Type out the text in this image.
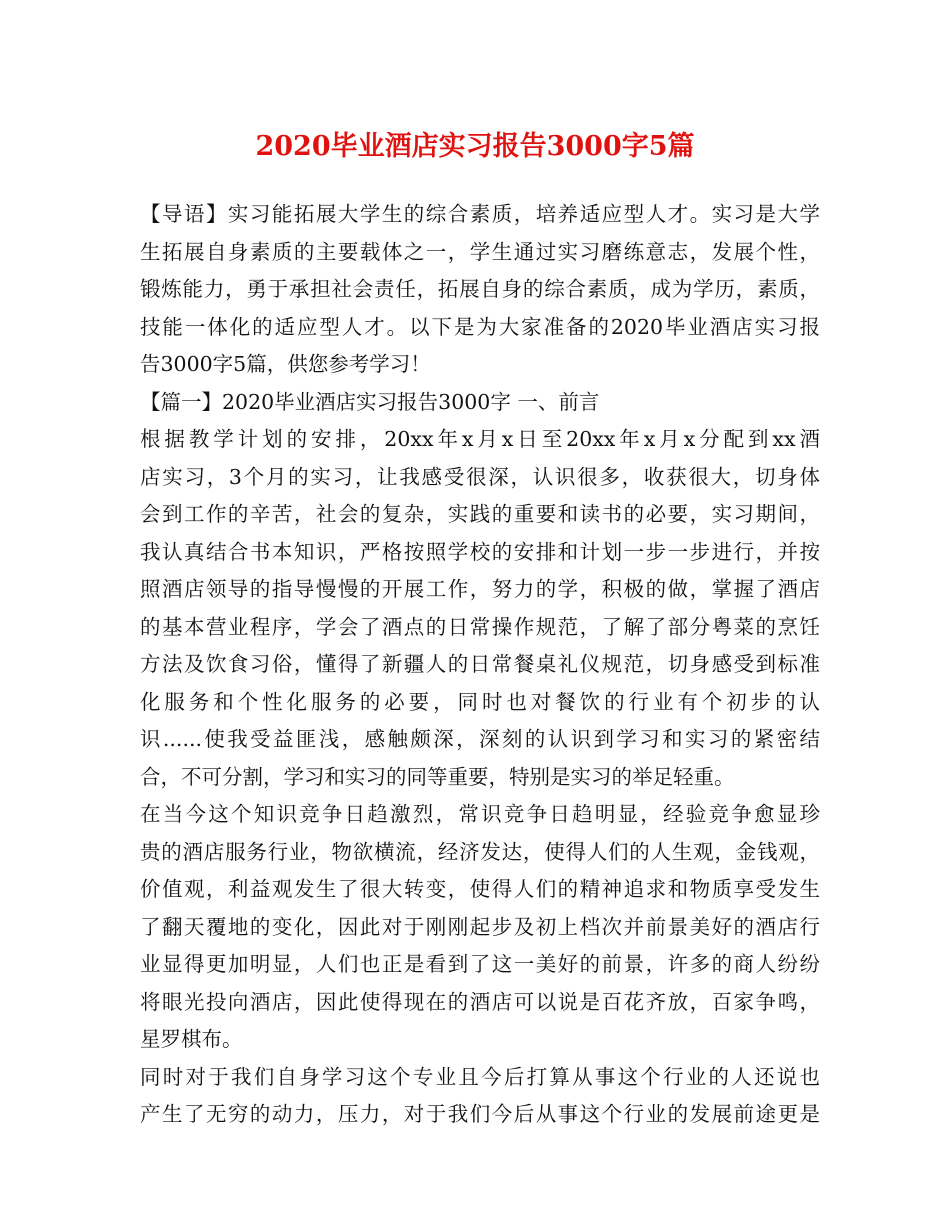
2020毕业酒店实习报告3000字5篇
【导语】实习能拓展大学生的综合素质，培养适应型人才。实习是大学
生拓展自身素质的主要载体之一，学生通过实习磨练意志，发展个性，
锻炼能力，勇于承担社会责任，拓展自身的综合素质，成为学历，素质，
技能一体化的适应型人才。以下是为大家准备的2020毕业酒店实习报
告3000字5篇，供您参考学习！
【篇一】2020毕业酒店实习报告3000字 一、前言
根据教学计划的安排，20xx年x月x日至20xx年x月x分配到xx酒
店实习，3个月的实习，让我感受很深，认识很多，收获很大，切身体
会到工作的辛苦，社会的复杂，实践的重要和读书的必要，实习期间，
我认真结合书本知识，严格按照学校的安排和计划一步一步进行，并按
照酒店领导的指导慢慢的开展工作，努力的学，积极的做，掌握了酒店
的基本营业程序，学会了酒点的日常操作规范，了解了部分粤菜的烹饪
方法及饮食习俗，懂得了新疆人的日常餐桌礼仪规范，切身感受到标准
化服务和个性化服务的必要，同时也对餐饮的行业有个初步的认
识......使我受益匪浅，感触颇深，深刻的认识到学习和实习的紧密结
合，不可分割，学习和实习的同等重要，特别是实习的举足轻重。
在当今这个知识竞争日趋激烈，常识竞争日趋明显，经验竞争愈显珍
贵的酒店服务行业，物欲横流，经济发达，使得人们的人生观，金钱观，
价值观，利益观发生了很大转变，使得人们的精神追求和物质享受发生
了翻天覆地的变化，因此对于刚刚起步及初上档次并前景美好的酒店行
业显得更加明显，人们也正是看到了这一美好的前景，许多的商人纷纷
将眼光投向酒店，因此使得现在的酒店可以说是百花齐放，百家争鸣，
星罗棋布。
同时对于我们自身学习这个专业且今后打算从事这个行业的人还说也
产生了无穷的动力，压力，对于我们今后从事这个行业的发展前途更是
